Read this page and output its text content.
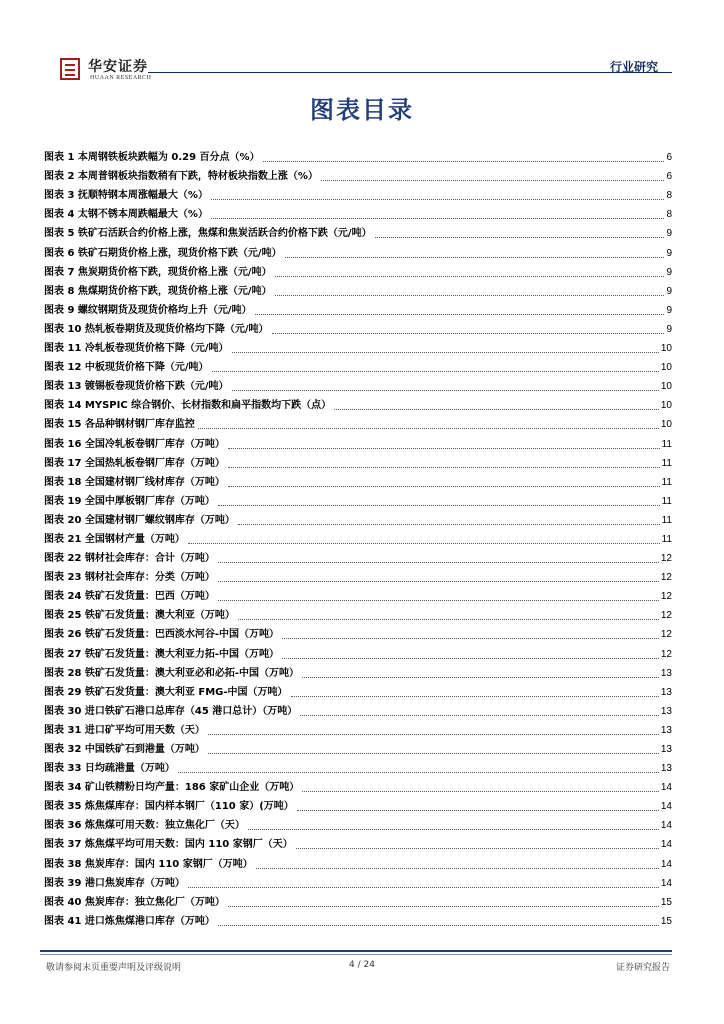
华安证券
HUAAN RESEARCH
行业研究
图表目录
图表 1 本周钢铁板块跌幅为 0.29 百分点（%）	6
图表 2 本周普钢板块指数稍有下跌，特材板块指数上涨（%）	6
图表 3 抚顺特钢本周涨幅最大（%）	8
图表 4 太钢不锈本周跌幅最大（%）	8
图表 5 铁矿石活跃合约价格上涨，焦煤和焦炭活跃合约价格下跌（元/吨）	9
图表 6 铁矿石期货价格上涨，现货价格下跌（元/吨）	9
图表 7 焦炭期货价格下跌，现货价格上涨（元/吨）	9
图表 8 焦煤期货价格下跌，现货价格上涨（元/吨）	9
图表 9 螺纹钢期货及现货价格均上升（元/吨）	9
图表 10 热轧板卷期货及现货价格均下降（元/吨）	9
图表 11 冷轧板卷现货价格下降（元/吨）	10
图表 12 中板现货价格下降（元/吨）	10
图表 13 镀锡板卷现货价格下跌（元/吨）	10
图表 14 MYSPIC 综合钢价、长材指数和扁平指数均下跌（点）	10
图表 15 各品种钢材钢厂库存监控	10
图表 16 全国冷轧板卷钢厂库存（万吨）	11
图表 17 全国热轧板卷钢厂库存（万吨）	11
图表 18 全国建材钢厂线材库存（万吨）	11
图表 19 全国中厚板钢厂库存（万吨）	11
图表 20 全国建材钢厂螺纹钢库存（万吨）	11
图表 21 全国钢材产量（万吨）	11
图表 22 钢材社会库存：合计（万吨）	12
图表 23 钢材社会库存：分类（万吨）	12
图表 24 铁矿石发货量：巴西（万吨）	12
图表 25 铁矿石发货量：澳大利亚（万吨）	12
图表 26 铁矿石发货量：巴西淡水河谷-中国（万吨）	12
图表 27 铁矿石发货量：澳大利亚力拓-中国（万吨）	12
图表 28 铁矿石发货量：澳大利亚必和必拓-中国（万吨）	13
图表 29 铁矿石发货量：澳大利亚 FMG-中国（万吨）	13
图表 30 进口铁矿石港口总库存（45 港口总计）（万吨）	13
图表 31 进口矿平均可用天数（天）	13
图表 32 中国铁矿石到港量（万吨）	13
图表 33 日均疏港量（万吨）	13
图表 34 矿山铁精粉日均产量：186 家矿山企业（万吨）	14
图表 35 炼焦煤库存：国内样本钢厂（110 家）(万吨）	14
图表 36 炼焦煤可用天数：独立焦化厂（天）	14
图表 37 炼焦煤平均可用天数：国内 110 家钢厂（天）	14
图表 38 焦炭库存：国内 110 家钢厂（万吨）	14
图表 39 港口焦炭库存（万吨）	14
图表 40 焦炭库存：独立焦化厂（万吨）	15
图表 41 进口炼焦煤港口库存（万吨）	15
敬请参阅末页重要声明及评级说明	4 / 24	证券研究报告
